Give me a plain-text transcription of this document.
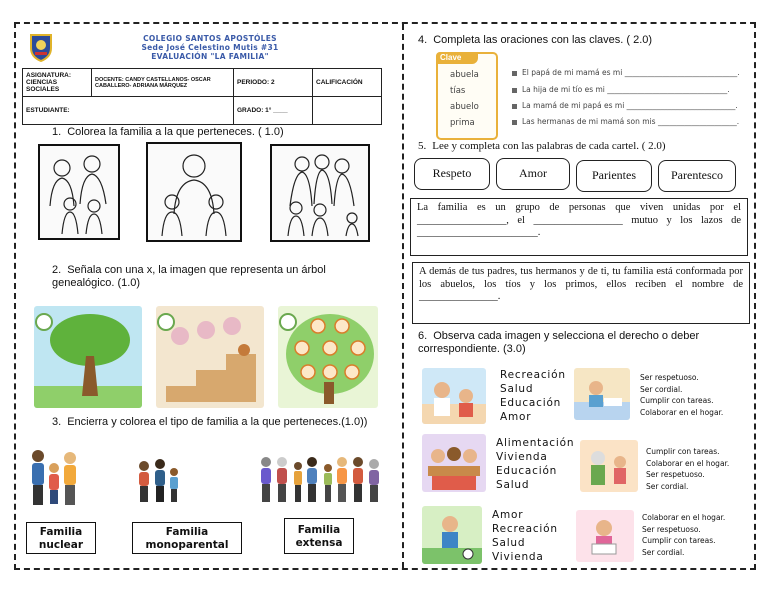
COLEGIO SANTOS APOSTÓLES
Sede José Celestino Mutis #31
EVALUACIÓN "LA FAMILIA"
ASIGNATURA: CIENCIAS SOCIALES	DOCENTE: CANDY CASTELLANOS- OSCAR CABALLERO- ADRIANA MÁRQUEZ	PERIODO: 2	CALIFICACIÓN
ESTUDIANTE:		GRADO: 1° ____	
1. Colorea la familia a la que perteneces. ( 1.0)
2. Señala con una x, la imagen que representa un árbol genealógico. (1.0)
3. Encierra y colorea el tipo de familia a la que perteneces.(1.0))
Familia nuclear
Familia monoparental
Familia extensa
4. Completa las oraciones con las claves. ( 2.0)
Clave
abuela
tías
abuelo
prima
El papá de mi mamá es mi ______________________________.
La hija de mi tío es mi ________________________________.
La mamá de mi papá es mi _____________________________.
Las hermanas de mi mamá son mis _____________________.
5. Lee y completa con las palabras de cada cartel. ( 2.0)
Respeto	Amor	Parientes	Parentesco
La familia es un grupo de personas que viven unidas por el _________________, el _________________ mutuo y los lazos de _______________________.
A demás de tus padres, tus hermanos y de ti, tu familia está conformada por los abuelos, los tíos y los primos, ellos reciben el nombre de _______________.
6. Observa cada imagen y selecciona el derecho o deber correspondiente. (3.0)
Recreación
Salud
Educación
Amor
Ser respetuoso.
Ser cordial.
Cumplir con tareas.
Colaborar en el hogar.
Alimentación
Vivienda
Educación
Salud
Cumplir con tareas.
Colaborar en el hogar.
Ser respetuoso.
Ser cordial.
Amor
Recreación
Salud
Vivienda
Colaborar en el hogar.
Ser respetuoso.
Cumplir con tareas.
Ser cordial.
